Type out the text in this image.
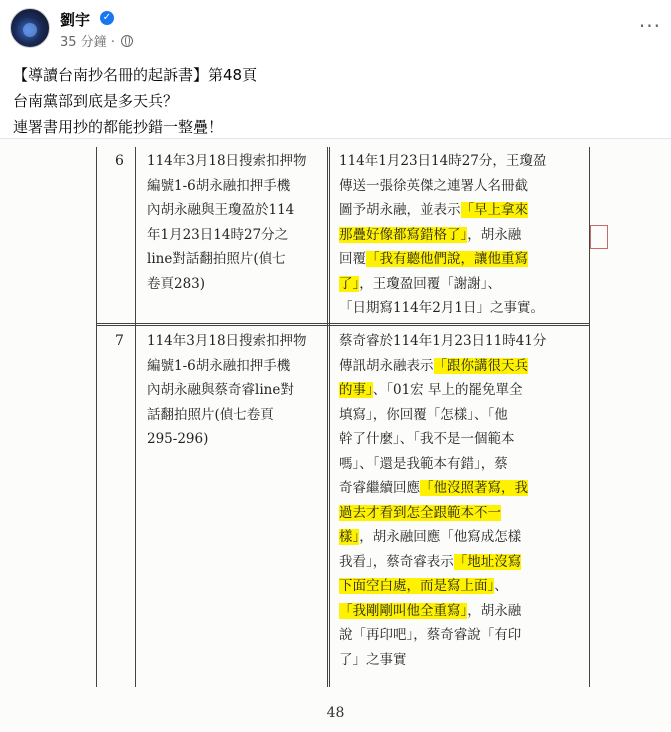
劉宇 ✓
35 分鐘 ·
···
【導讀台南抄名冊的起訴書】第48頁
台南黨部到底是多天兵？
連署書用抄的都能抄錯一整疊！
6 114年3月18日搜索扣押物
編號1-6胡永融扣押手機
內胡永融與王瓊盈於114
年1月23日14時27分之
line對話翻拍照片(偵七
卷頁283)
114年1月23日14時27分，王瓊盈
傳送一張徐英傑之連署人名冊截
圖予胡永融，並表示「早上拿來
那疊好像都寫錯格了」，胡永融
回覆「我有聽他們說，讓他重寫
了」，王瓊盈回覆「謝謝」、
「日期寫114年2月1日」之事實。
7 114年3月18日搜索扣押物
編號1-6胡永融扣押手機
內胡永融與蔡奇睿line對
話翻拍照片(偵七卷頁
295-296)
蔡奇睿於114年1月23日11時41分
傳訊胡永融表示「跟你講很天兵
的事」、「01宏 早上的罷免單全
填寫」，你回覆「怎樣」、「他
幹了什麼」、「我不是一個範本
嗎」、「還是我範本有錯」，蔡
奇睿繼續回應「他沒照著寫，我
過去才看到怎全跟範本不一
樣」，胡永融回應「他寫成怎樣
我看」，蔡奇睿表示「地址沒寫
下面空白處，而是寫上面」、
「我剛剛叫他全重寫」，胡永融
說「再印吧」，蔡奇睿說「有印
了」之事實
48
